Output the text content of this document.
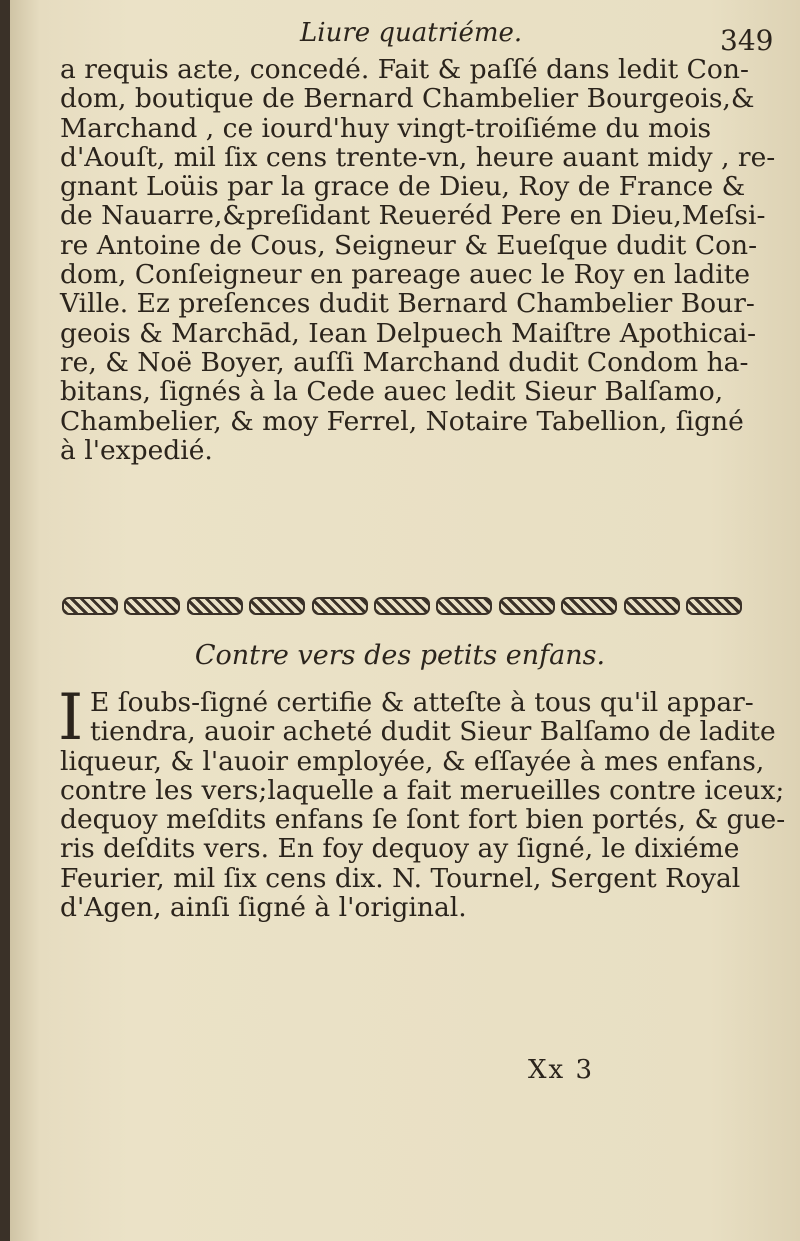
Liure quatriéme.	349
a requis aɛte, concedé. Fait & paſſé dans ledit Con-
dom, boutique de Bernard Chambelier Bourgeois,&
Marchand , ce iourd'huy vingt-troiſiéme du mois
d'Aouſt, mil ſix cens trente-vn, heure auant midy , re-
gnant Loüis par la grace de Dieu, Roy de France &
de Nauarre,&preſidant Reueréd Pere en Dieu,Meſsi-
re Antoine de Cous, Seigneur & Eueſque dudit Con-
dom, Conſeigneur en pareage auec le Roy en ladite
Ville. Ez preſences dudit Bernard Chambelier Bour-
geois & Marchād, Iean Delpuech Maiſtre Apothicai-
re, & Noë Boyer, auſſi Marchand dudit Condom ha-
bitans, ſignés à la Cede auec ledit Sieur Balſamo,
Chambelier, & moy Ferrel, Notaire Tabellion, ſigné
à l'expedié.
Contre vers des petits enfans.
I E ſoubs-ſigné certifie & atteſte à tous qu'il appar-
tiendra, auoir acheté dudit Sieur Balſamo de ladite
liqueur, & l'auoir employée, & eſſayée à mes enfans,
contre les vers;laquelle a fait merueilles contre iceux;
dequoy meſdits enfans ſe ſont fort bien portés, & gue-
ris deſdits vers. En foy dequoy ay ſigné, le dixiéme
Feurier, mil ſix cens dix. N. Tournel, Sergent Royal
d'Agen, ainſi ſigné à l'original.
Xx 3
